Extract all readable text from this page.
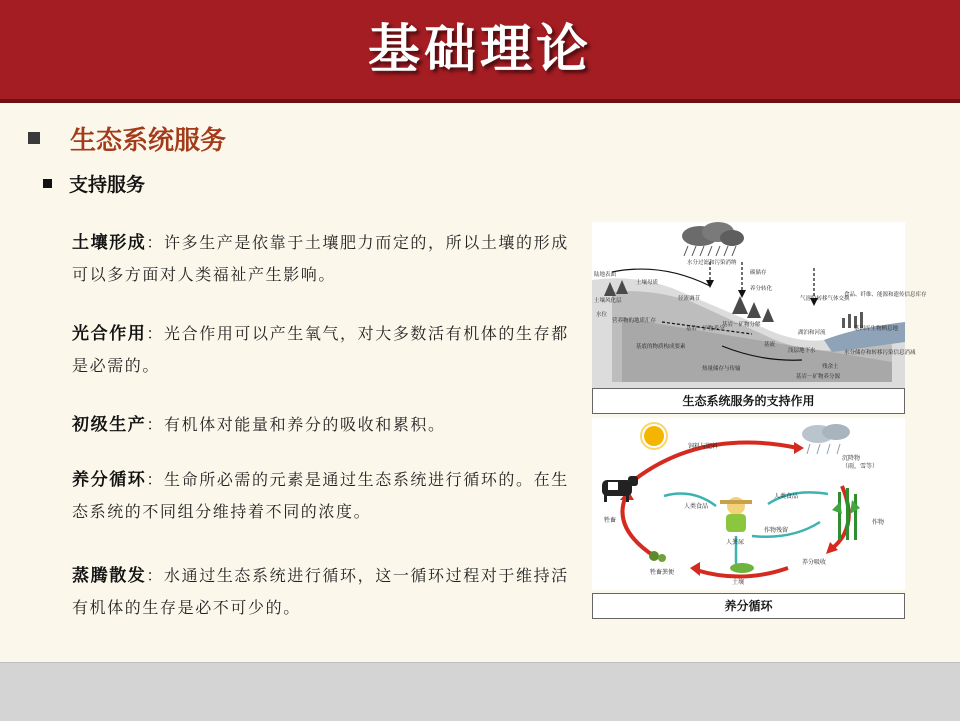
基础理论
生态系统服务
支持服务
土壤形成：许多生产是依靠于土壤肥力而定的，所以土壤的形成可以多方面对人类福祉产生影响。
光合作用：光合作用可以产生氧气，对大多数活有机体的生存都是必需的。
初级生产：有机体对能量和养分的吸收和累积。
养分循环：生命所必需的元素是通过生态系统进行循环的。在生态系统的不同组分维持着不同的浓度。
蒸腾散发：水通过生态系统进行循环，这一循环过程对于维持活有机体的生存是必不可少的。
水分过滤和污染消纳
碳储存
陆地表面
土壤母质
养分转化
气溶胶转移气体交换
土壤风化层
水位
径流调节
食品、纤维、能源和遗传信息库存
基岩－矿物养分
基流
湖泊和河流
基因库生物栖息地
营养物的地质汇存
浅层地下水
基底的物质构成要素
水分储存和转移污染信息消减
热量储存与传输
基岩－矿物分解
残余土
基岩－矿物养分源
生态系统服务的支持作用
饲料与肥料
沉降物
（雨，雪等）
人类食品
人类食品
牲畜	作物
人粪尿
作物残留
牲畜粪便
养分吸收
土壤
养分循环
